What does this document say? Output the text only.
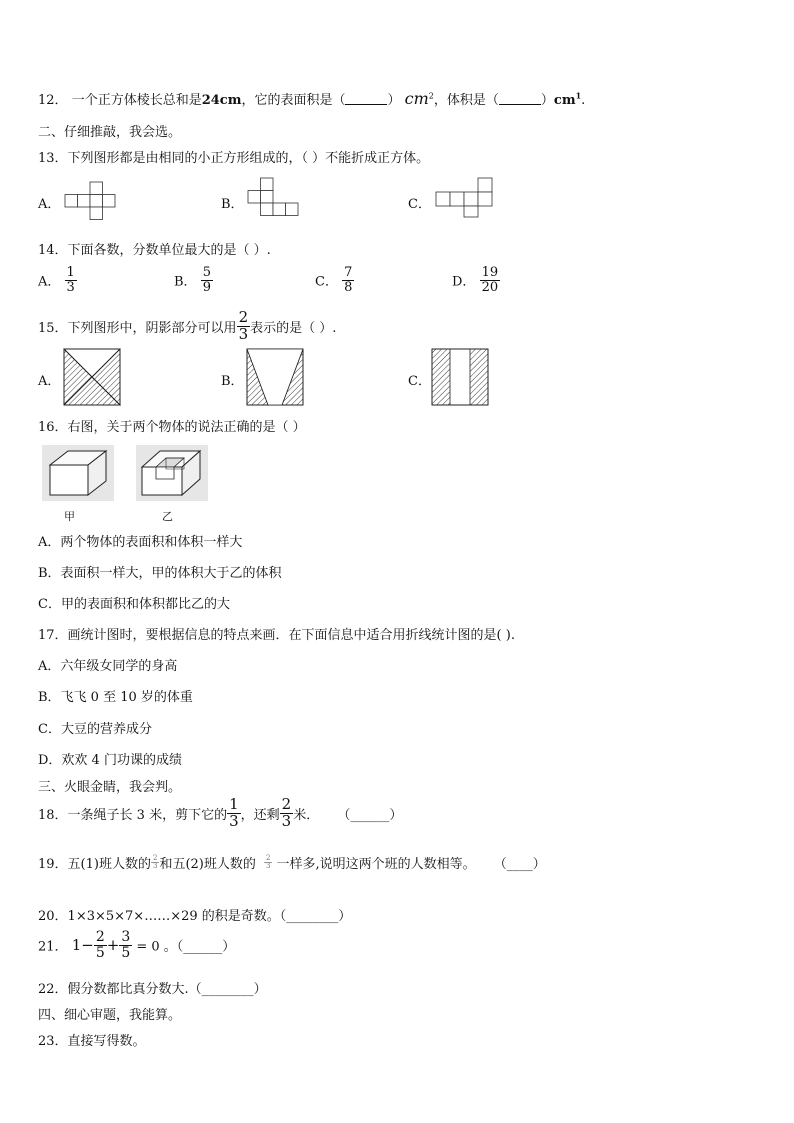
12． 一个正方体棱长总和是24cm，它的表面积是（	） $cm^2$，体积是（	）$cm^1$.
二、仔细推敲，我会选。
13．下列图形都是由相同的小正方形组成的，（ ）不能折成正方体。
A．	B．	C．
14．下面各数，分数单位最大的是（ ）.
A． $\frac{1}{3}$	B． $\frac{5}{9}$	C． $\frac{7}{8}$	D． $\frac{19}{20}$
15．下列图形中，阴影部分可以用 $\frac{2}{3}$ 表示的是（ ）.
A．	B．	C．
16．右图，关于两个物体的说法正确的是（ ）
甲	乙
A．两个物体的表面积和体积一样大
B．表面积一样大，甲的体积大于乙的体积
C．甲的表面积和体积都比乙的大
17．画统计图时，要根据信息的特点来画．在下面信息中适合用折线统计图的是( ).
A．六年级女同学的身高
B．飞飞 0 至 10 岁的体重
C．大豆的营养成分
D．欢欢 4 门功课的成绩
三、火眼金睛，我会判。
18．一条绳子长 3 米，剪下它的 $\frac{1}{3}$ ，还剩 $\frac{2}{3}$ 米． （______）
19．五(1)班人数的 $\frac{2}{3}$ 和五(2)班人数的 $\frac{2}{3}$ 一样多,说明这两个班的人数相等。 （____）
20．1×3×5×7×……×29 的积是奇数。（________）
21． $1- \frac{2}{5} + \frac{3}{5} = 0$ 。（______）
22．假分数都比真分数大.（________）
四、细心审题，我能算。
23．直接写得数。
